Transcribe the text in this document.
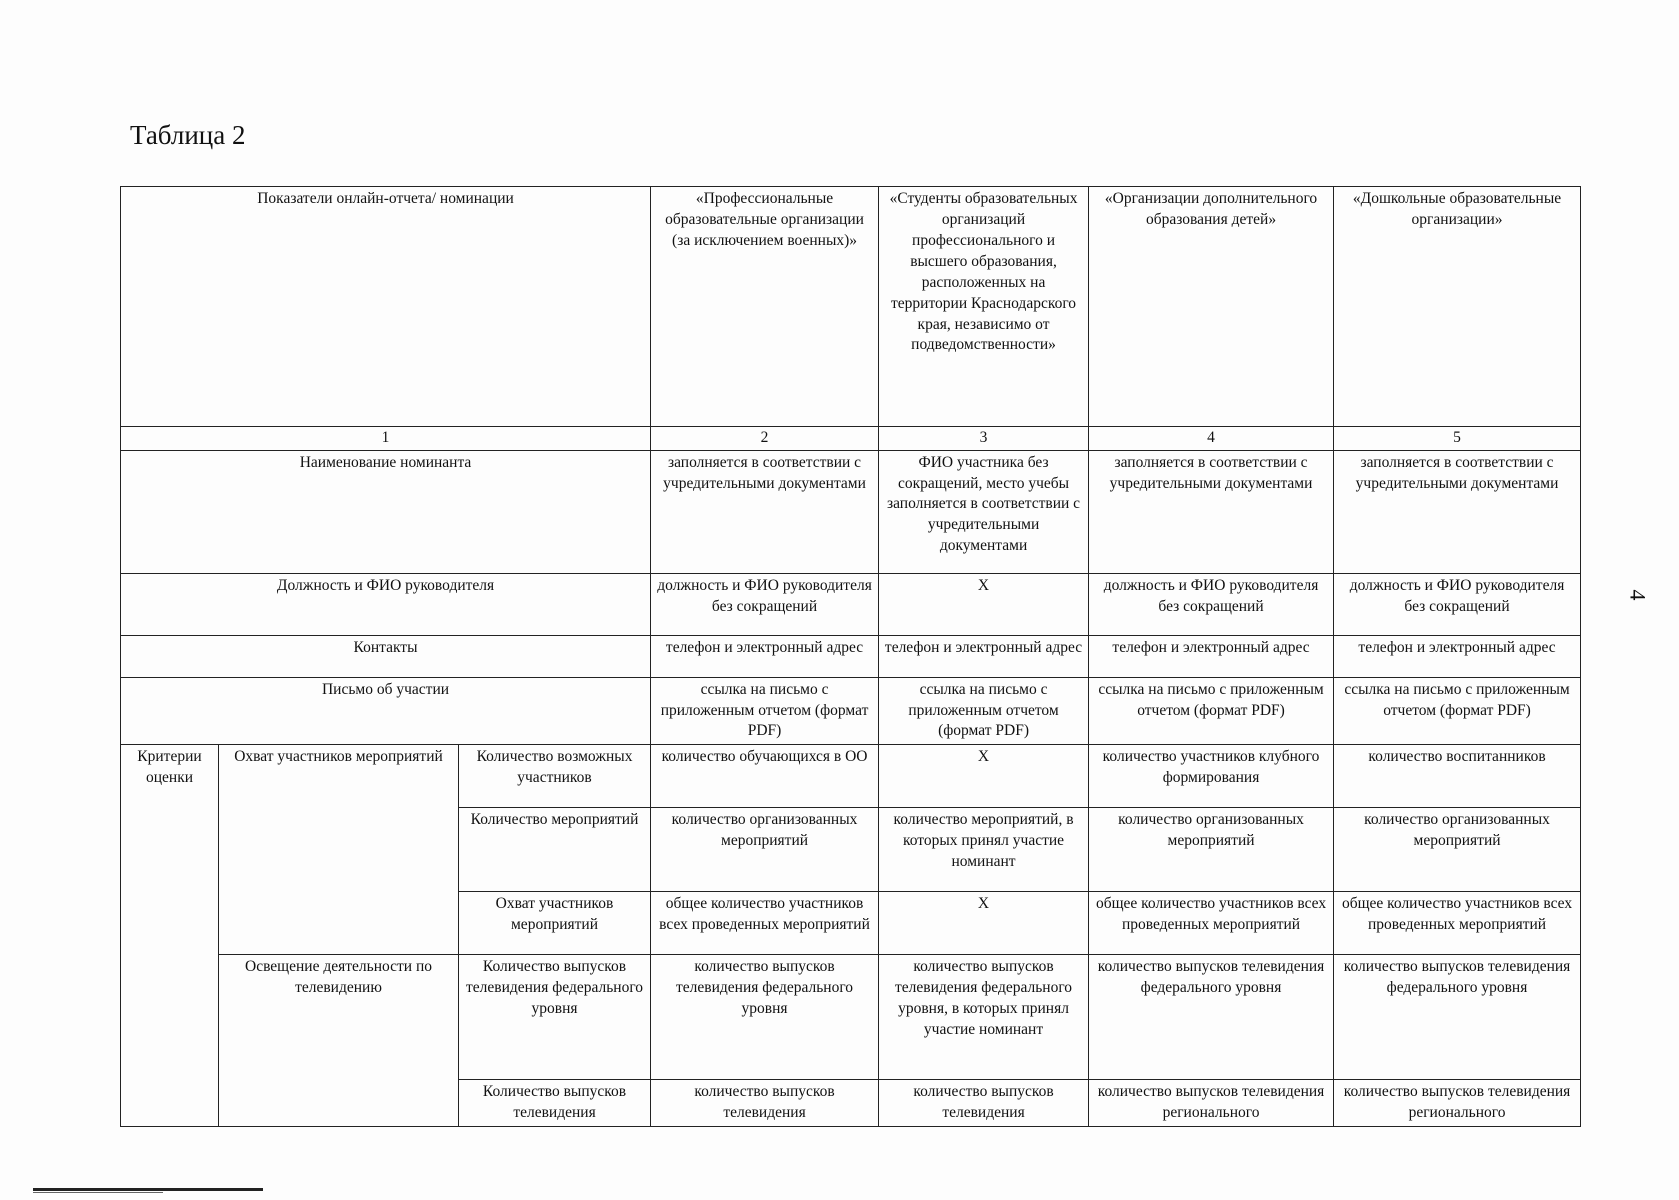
Таблица 2
Показатели онлайн-отчета/ номинации			«Профессиональные образовательные организации (за исключением военных)»	«Студенты образовательных организаций профессионального и высшего образования, расположенных на территории Краснодарского края, независимо от подведомственности»	«Организации дополнительного образования детей»	«Дошкольные образовательные организации»
1			2	3	4	5
Наименование номинанта			заполняется в соответствии с учредительными документами	ФИО участника без сокращений, место учебы заполняется в соответствии с учредительными документами	заполняется в соответствии с учредительными документами	заполняется в соответствии с учредительными документами
Должность и ФИО руководителя			должность и ФИО руководителя без сокращений	X	должность и ФИО руководителя без сокращений	должность и ФИО руководителя без сокращений
Контакты			телефон и электронный адрес	телефон и электронный адрес	телефон и электронный адрес	телефон и электронный адрес
Письмо об участии			ссылка на письмо с приложенным отчетом (формат PDF)	ссылка на письмо с приложенным отчетом (формат PDF)	ссылка на письмо с приложенным отчетом (формат PDF)	ссылка на письмо с приложенным отчетом (формат PDF)
Критерии оценки	Охват участников мероприятий	Количество возможных участников	количество обучающихся в ОО	X	количество участников клубного формирования	количество воспитанников
		Количество мероприятий	количество организованных мероприятий	количество мероприятий, в которых принял участие номинант	количество организованных мероприятий	количество организованных мероприятий
		Охват участников мероприятий	общее количество участников всех проведенных мероприятий	X	общее количество участников всех проведенных мероприятий	общее количество участников всех проведенных мероприятий
	Освещение деятельности по телевидению	Количество выпусков телевидения федерального уровня	количество выпусков телевидения федерального уровня	количество выпусков телевидения федерального уровня, в которых принял участие номинант	количество выпусков телевидения федерального уровня	количество выпусков телевидения федерального уровня
		Количество выпусков телевидения	количество выпусков телевидения	количество выпусков телевидения	количество выпусков телевидения регионального	количество выпусков телевидения регионального
4
